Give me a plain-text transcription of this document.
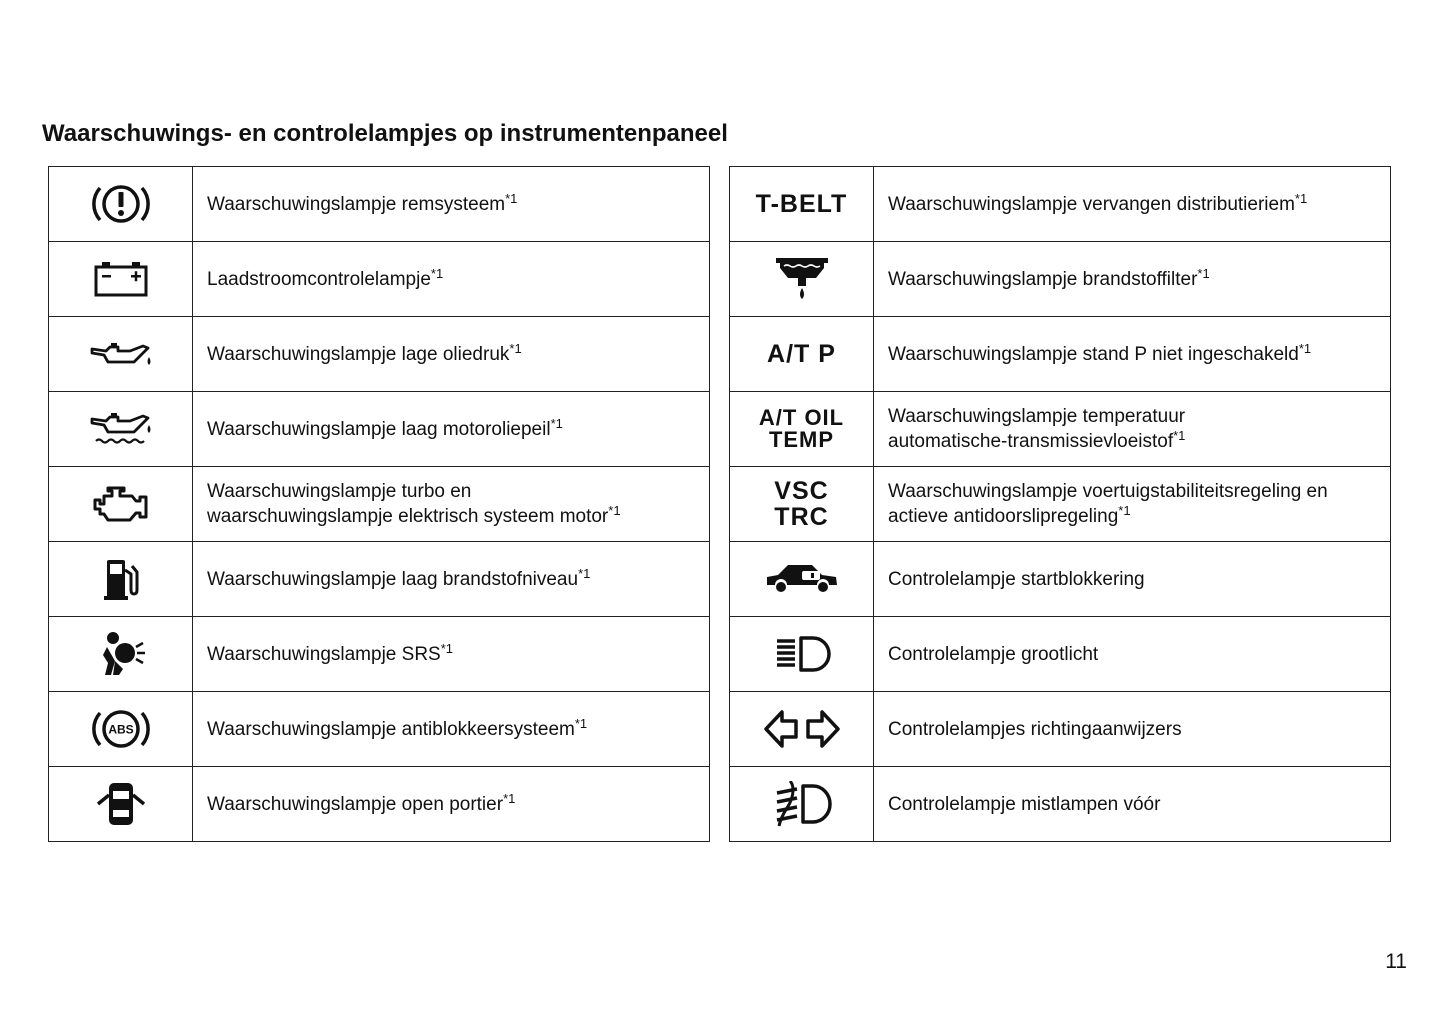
Waarschuwings- en controlelampjes op instrumentenpaneel
	Waarschuwingslampje remsysteem$^{*1}$

	Laadstroomcontrolelampje$^{*1}$

	Waarschuwingslampje lage oliedruk$^{*1}$

	Waarschuwingslampje laag motoroliepeil$^{*1}$

	Waarschuwingslampje turbo en
waarschuwingslampje elektrisch systeem motor$^{*1}$

	Waarschuwingslampje laag brandstofniveau$^{*1}$

	Waarschuwingslampje SRS$^{*1}$

ABS	Waarschuwingslampje antiblokkeersysteem$^{*1}$

	Waarschuwingslampje open portier$^{*1}$
T-BELT	Waarschuwingslampje vervangen distributieriem$^{*1}$

	Waarschuwingslampje brandstoffilter$^{*1}$
A/T P	Waarschuwingslampje stand P niet ingeschakeld$^{*1}$
A/T OIL
TEMP	Waarschuwingslampje temperatuur
automatische-transmissievloeistof$^{*1}$
VSC
TRC	Waarschuwingslampje voertuigstabiliteitsregeling en
actieve antidoorslipregeling$^{*1}$

	Controlelampje startblokkering

	Controlelampje grootlicht

	Controlelampjes richtingaanwijzers

	Controlelampje mistlampen vóór
11
